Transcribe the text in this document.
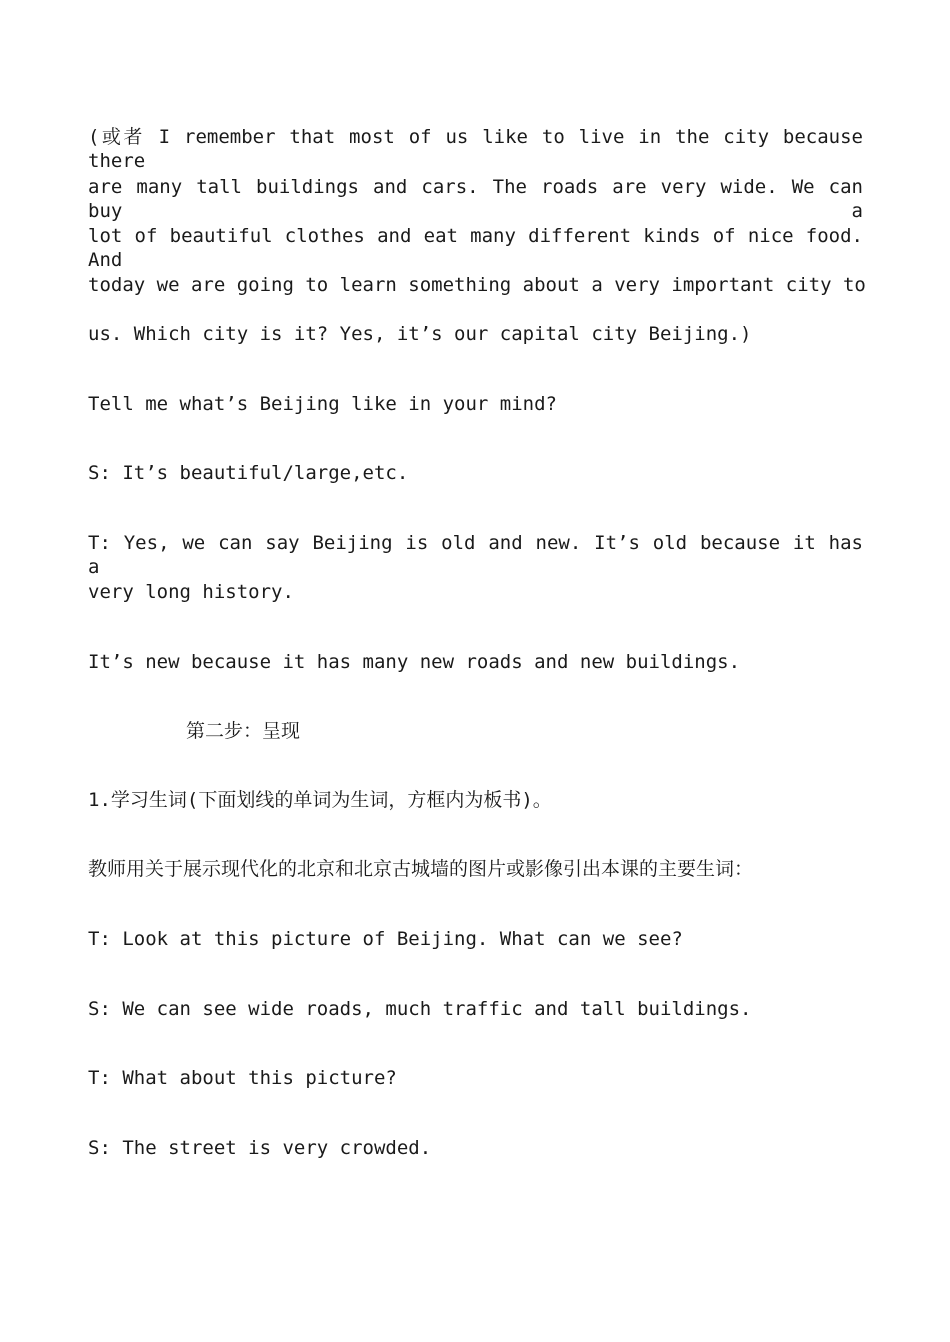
(或者 I remember that most of us like to live in the city because there

are many tall buildings and cars. The roads are very wide. We can buy a

lot of beautiful clothes and eat many different kinds of nice food. And

today we are going to learn something about a very important city to

us. Which city is it? Yes, it’s our capital city Beijing.)

Tell me what’s Beijing like in your mind?

S: It’s beautiful/large,etc.

T: Yes, we can say Beijing is old and new. It’s old because it has a

very long history.

It’s new because it has many new roads and new buildings.

第二步：呈现

1.学习生词(下面划线的单词为生词，方框内为板书)。

教师用关于展示现代化的北京和北京古城墙的图片或影像引出本课的主要生词：

T: Look at this picture of Beijing. What can we see?

S: We can see wide roads, much traffic and tall buildings.

T: What about this picture?

S: The street is very crowded.
